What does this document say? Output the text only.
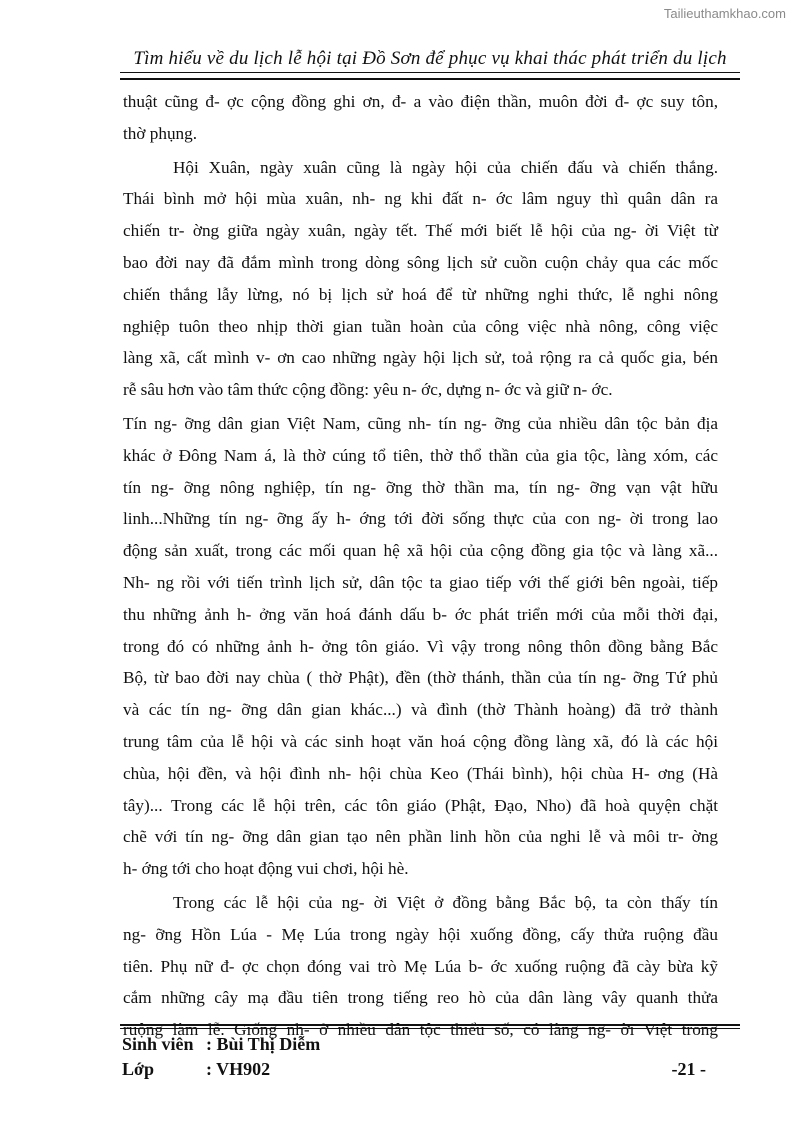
Tailieuthamkhao.com
Tìm hiểu về du lịch lễ hội tại Đồ Sơn để phục vụ khai thác phát triển du lịch
thuật cũng đ- ợc cộng đồng ghi ơn, đ- a vào điện thần, muôn đời đ- ợc suy tôn,
thờ phụng.
Hội Xuân, ngày xuân cũng là ngày hội của chiến đấu và chiến thắng.
Thái bình mở hội mùa xuân, nh- ng khi đất n- ớc lâm nguy thì quân dân ra
chiến tr- ờng giữa ngày xuân, ngày tết. Thế mới biết lễ hội của ng- ời Việt từ
bao đời nay đã đắm mình trong dòng sông lịch sử cuồn cuộn chảy qua các mốc
chiến thắng lẫy lừng, nó bị lịch sử hoá để từ những nghi thức, lễ nghi nông
nghiệp tuôn theo nhịp thời gian tuần hoàn của công việc nhà nông, công việc
làng xã, cất mình v- ơn cao những ngày hội lịch sử, toả rộng ra cả quốc gia, bén
rễ sâu hơn vào tâm thức cộng đồng: yêu n- ớc, dựng n- ớc và giữ n- ớc.
Tín ng- ỡng dân gian Việt Nam, cũng nh- tín ng- ỡng của nhiều dân tộc bản địa
khác ở Đông Nam á, là thờ cúng tổ tiên, thờ thổ thần của gia tộc, làng xóm, các
tín ng- ỡng nông nghiệp, tín ng- ỡng thờ thần ma, tín ng- ỡng vạn vật hữu
linh...Những tín ng- ỡng ấy h- ớng tới đời sống thực của con ng- ời trong lao
động sản xuất, trong các mối quan hệ xã hội của cộng đồng gia tộc và làng xã...
Nh- ng rồi với tiến trình lịch sử, dân tộc ta giao tiếp với thế giới bên ngoài, tiếp
thu những ảnh h- ởng văn hoá đánh dấu b- ớc phát triển mới của mỗi thời đại,
trong đó có những ảnh h- ởng tôn giáo. Vì vậy trong nông thôn đồng bằng Bắc
Bộ, từ bao đời nay chùa ( thờ Phật), đền (thờ thánh, thần của tín ng- ỡng Tứ phủ
và các tín ng- ỡng dân gian khác...) và đình (thờ Thành hoàng) đã trở thành
trung tâm của lễ hội và các sinh hoạt văn hoá cộng đồng làng xã, đó là các hội
chùa, hội đền, và hội đình nh- hội chùa Keo (Thái bình), hội chùa H- ơng (Hà
tây)... Trong các lễ hội trên, các tôn giáo (Phật, Đạo, Nho) đã hoà quyện chặt
chẽ với tín ng- ỡng dân gian tạo nên phần linh hồn của nghi lễ và môi tr- ờng
h- ớng tới cho hoạt động vui chơi, hội hè.
Trong các lễ hội của ng- ời Việt ở đồng bằng Bắc bộ, ta còn thấy tín
ng- ỡng Hồn Lúa - Mẹ Lúa trong ngày hội xuống đồng, cấy thửa ruộng đầu
tiên. Phụ nữ đ- ợc chọn đóng vai trò Mẹ Lúa b- ớc xuống ruộng đã cày bừa kỹ
cắm những cây mạ đầu tiên trong tiếng reo hò của dân làng vây quanh thửa
ruộng làm lễ. Giống nh- ở nhiều dân tộc thiểu số, có làng ng- ời Việt trong
Sinh viên : Bùi Thị Diễm
Lớp	: VH902	-21 -
